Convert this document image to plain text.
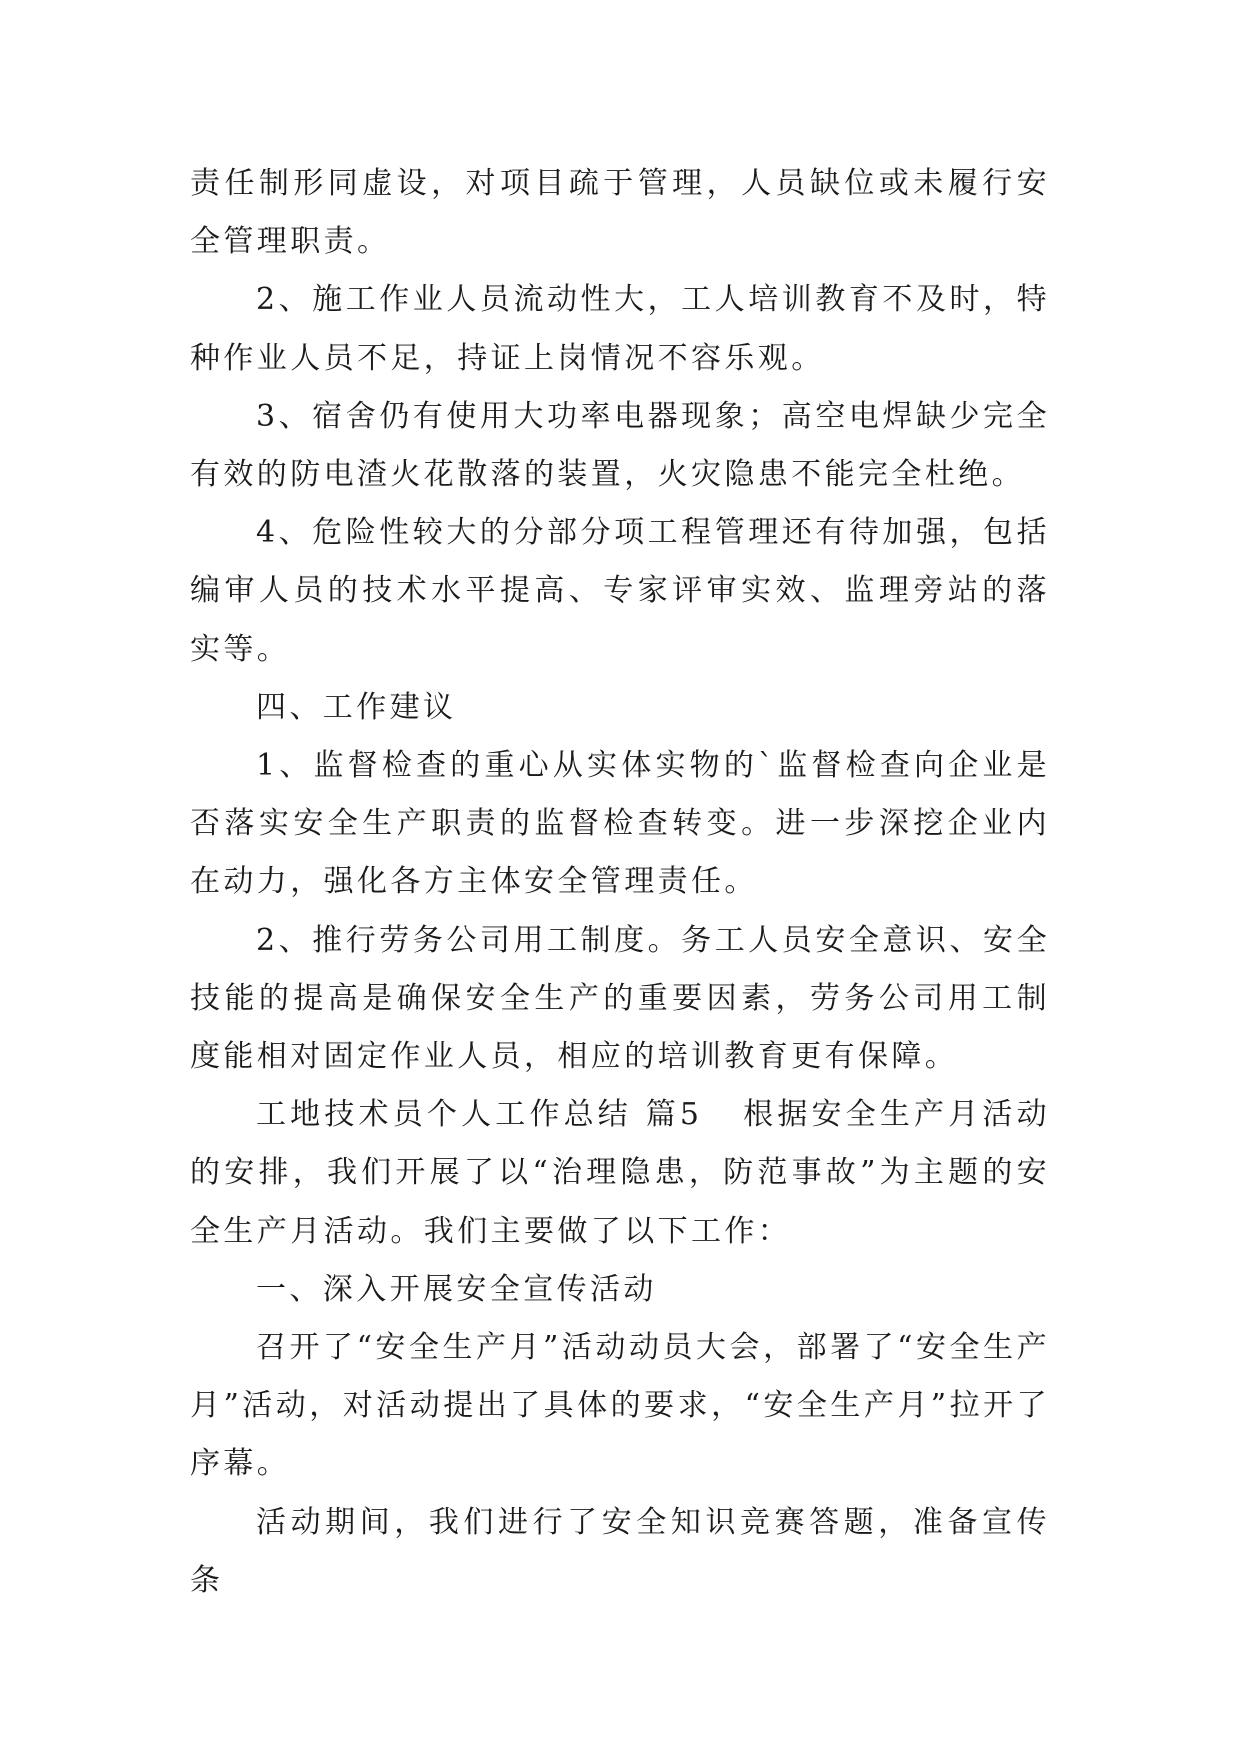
责任制形同虚设，对项目疏于管理，人员缺位或未履行安全管理职责。

2、施工作业人员流动性大，工人培训教育不及时，特种作业人员不足，持证上岗情况不容乐观。

3、宿舍仍有使用大功率电器现象；高空电焊缺少完全有效的防电渣火花散落的装置，火灾隐患不能完全杜绝。

4、危险性较大的分部分项工程管理还有待加强，包括编审人员的技术水平提高、专家评审实效、监理旁站的落实等。

四、工作建议

1、监督检查的重心从实体实物的`监督检查向企业是否落实安全生产职责的监督检查转变。进一步深挖企业内在动力，强化各方主体安全管理责任。

2、推行劳务公司用工制度。务工人员安全意识、安全技能的提高是确保安全生产的重要因素，劳务公司用工制度能相对固定作业人员，相应的培训教育更有保障。

工地技术员个人工作总结 篇5 根据安全生产月活动的安排，我们开展了以“治理隐患，防范事故”为主题的安全生产月活动。我们主要做了以下工作：

一、深入开展安全宣传活动

召开了“安全生产月”活动动员大会，部署了“安全生产月”活动，对活动提出了具体的要求，“安全生产月”拉开了序幕。

活动期间，我们进行了安全知识竞赛答题，准备宣传条
